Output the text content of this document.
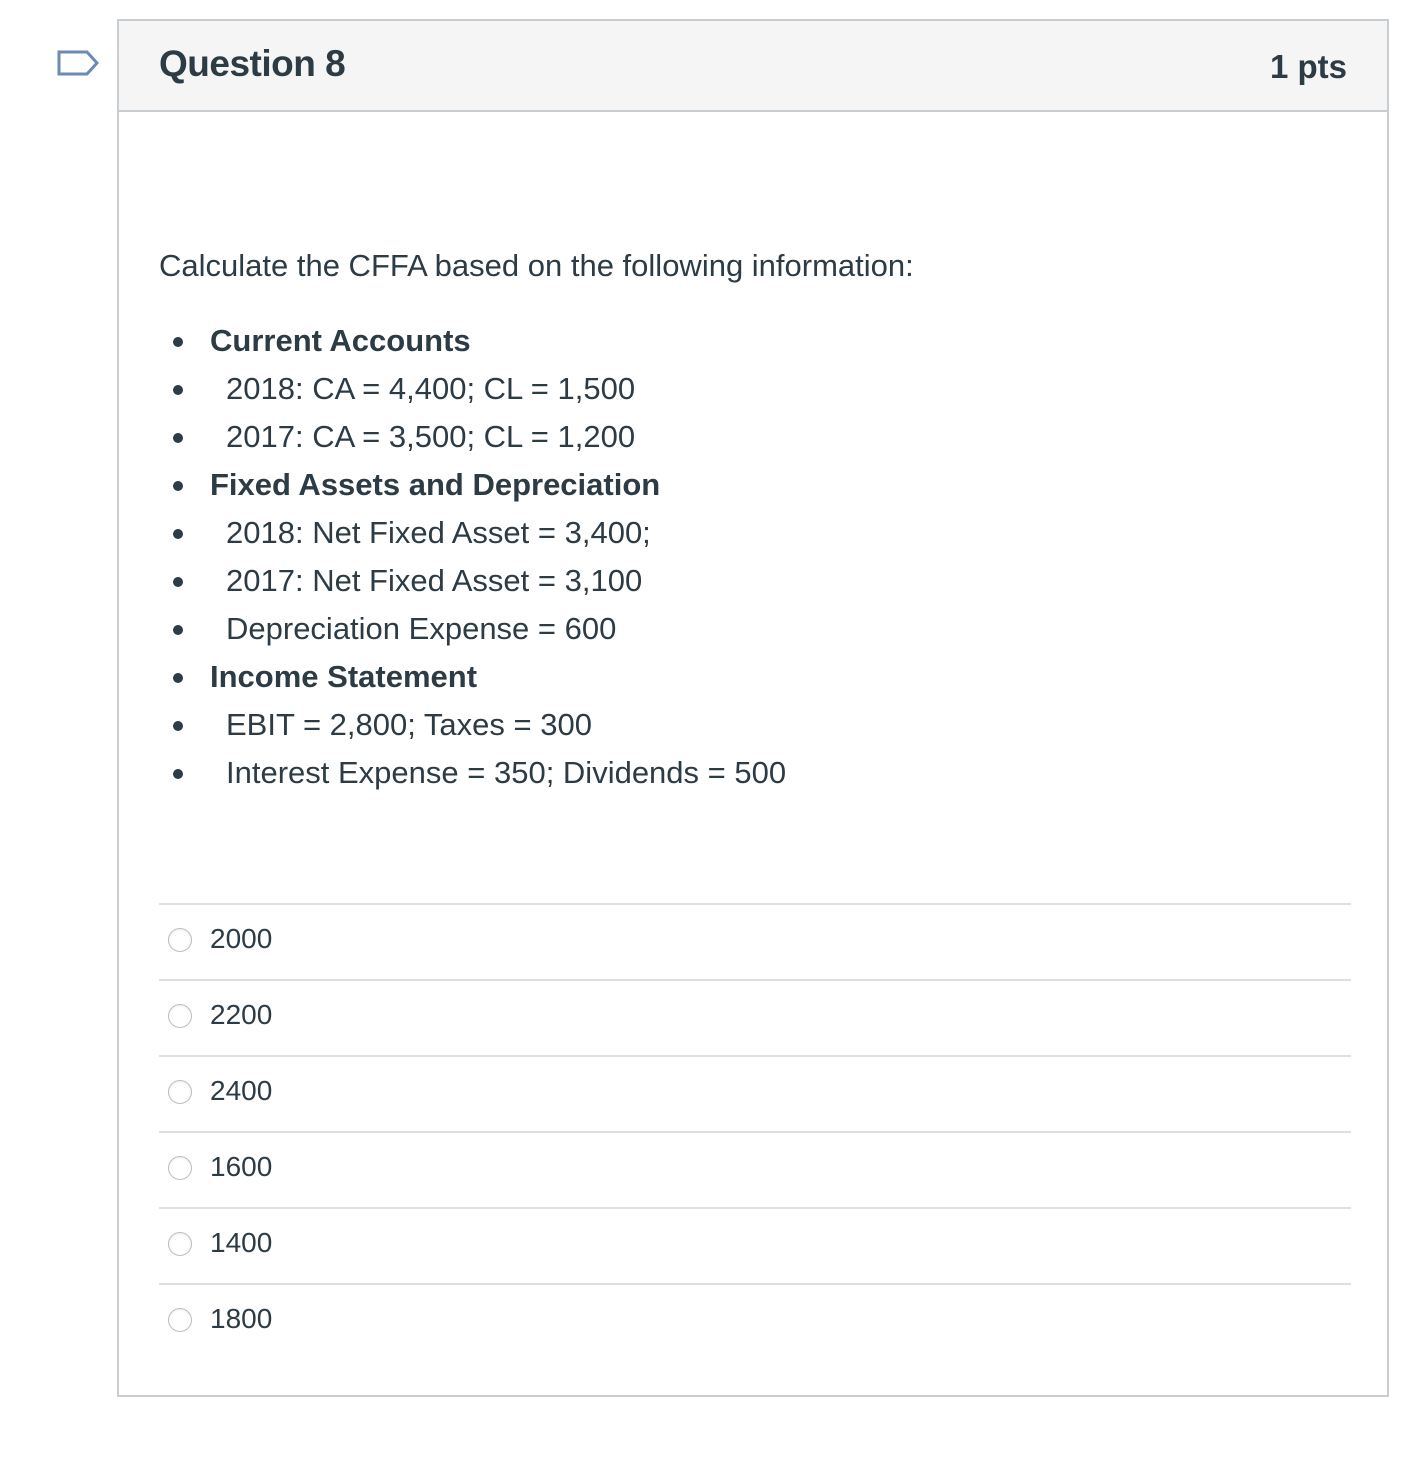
Question 8	1 pts
Calculate the CFFA based on the following information:
Current Accounts
2018: CA = 4,400; CL = 1,500
2017: CA = 3,500; CL = 1,200
Fixed Assets and Depreciation
2018: Net Fixed Asset = 3,400;
2017: Net Fixed Asset = 3,100
Depreciation Expense = 600
Income Statement
EBIT = 2,800; Taxes = 300
Interest Expense = 350; Dividends = 500
2000
2200
2400
1600
1400
1800
